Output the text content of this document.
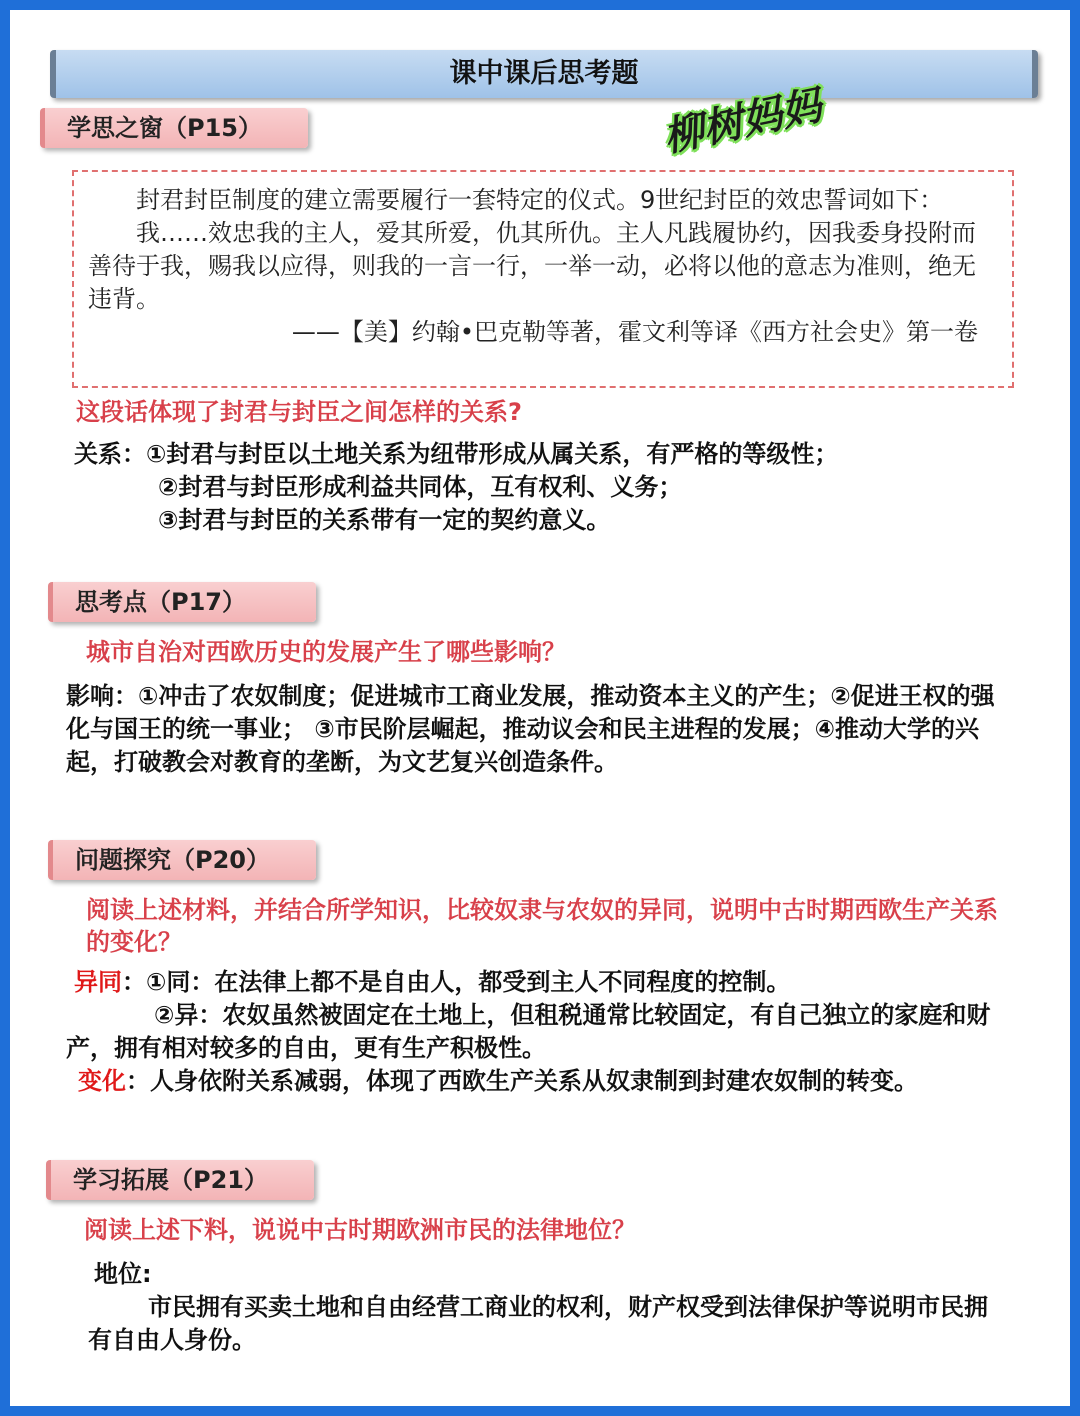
课中课后思考题
柳树妈妈
学思之窗（P15）

封君封臣制度的建立需要履行一套特定的仪式。9世纪封臣的效忠誓词如下：

我……效忠我的主人，爱其所爱，仇其所仇。主人凡践履协约，因我委身投附而善待于我，赐我以应得，则我的一言一行，一举一动，必将以他的意志为准则，绝无违背。

——【美】约翰•巴克勒等著，霍文利等译《西方社会史》第一卷

这段话体现了封君与封臣之间怎样的关系?

关系：①封君与封臣以土地关系为纽带形成从属关系，有严格的等级性；

②封君与封臣形成利益共同体，互有权利、义务；

③封君与封臣的关系带有一定的契约意义。

思考点（P17）
城市自治对西欧历史的发展产生了哪些影响？
影响：①冲击了农奴制度；促进城市工商业发展，推动资本主义的产生；②促进王权的强化与国王的统一事业； ③市民阶层崛起，推动议会和民主进程的发展；④推动大学的兴起，打破教会对教育的垄断，为文艺复兴创造条件。
问题探究（P20）
阅读上述材料，并结合所学知识，比较奴隶与农奴的异同，说明中古时期西欧生产关系的变化？

异同：①同：在法律上都不是自由人，都受到主人不同程度的控制。

②异：农奴虽然被固定在土地上，但租税通常比较固定，有自己独立的家庭和财产，拥有相对较多的自由，更有生产积极性。

变化：人身依附关系减弱，体现了西欧生产关系从奴隶制到封建农奴制的转变。

学习拓展（P21）
阅读上述下料，说说中古时期欧洲市民的法律地位？

地位:

市民拥有买卖土地和自由经营工商业的权利，财产权受到法律保护等说明市民拥有自由人身份。
